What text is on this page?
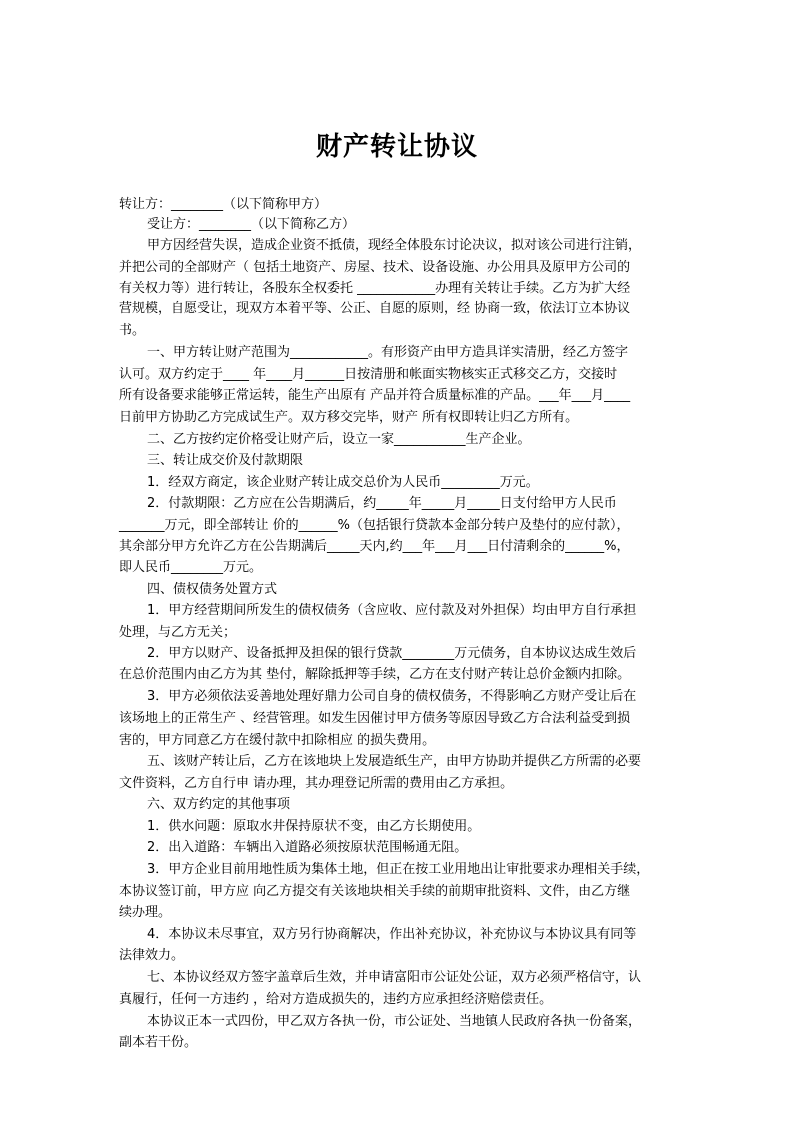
财产转让协议
转让方：________（以下简称甲方）
受让方：________（以下简称乙方）
甲方因经营失误，造成企业资不抵债，现经全体股东讨论决议，拟对该公司进行注销，
并把公司的全部财产（ 包括土地资产、房屋、技术、设备设施、办公用具及原甲方公司的
有关权力等）进行转让，各股东全权委托 ____________办理有关转让手续。乙方为扩大经
营规模，自愿受让，现双方本着平等、公正、自愿的原则，经 协商一致，依法订立本协议
书。
一、甲方转让财产范围为____________。有形资产由甲方造具详实清册，经乙方签字
认可。双方约定于____ 年____月______日按清册和帐面实物核实正式移交乙方，交接时
所有设备要求能够正常运转，能生产出原有 产品并符合质量标准的产品。___年___月____
日前甲方协助乙方完成试生产。双方移交完毕，财产 所有权即转让归乙方所有。
二、乙方按约定价格受让财产后，设立一家___________生产企业。
三、转让成交价及付款期限
1．经双方商定，该企业财产转让成交总价为人民币_________万元。
2．付款期限：乙方应在公告期满后，约_____年_____月_____日支付给甲方人民币
_______万元，即全部转让 价的______%（包括银行贷款本金部分转户及垫付的应付款），
其余部分甲方允许乙方在公告期满后_____天内,约___年___月___日付清剩余的______%，
即人民币________万元。
四、债权债务处置方式
1．甲方经营期间所发生的债权债务（含应收、应付款及对外担保）均由甲方自行承担
处理，与乙方无关；
2．甲方以财产、设备抵押及担保的银行贷款________万元债务，自本协议达成生效后
在总价范围内由乙方为其 垫付，解除抵押等手续，乙方在支付财产转让总价金额内扣除。
3．甲方必须依法妥善地处理好鼎力公司自身的债权债务，不得影响乙方财产受让后在
该场地上的正常生产 、经营管理。如发生因催讨甲方债务等原因导致乙方合法利益受到损
害的，甲方同意乙方在缓付款中扣除相应 的损失费用。
五、该财产转让后，乙方在该地块上发展造纸生产，由甲方协助并提供乙方所需的必要
文件资料，乙方自行申 请办理，其办理登记所需的费用由乙方承担。
六、双方约定的其他事项
1．供水问题：原取水井保持原状不变，由乙方长期使用。
2．出入道路：车辆出入道路必须按原状范围畅通无阻。
3．甲方企业目前用地性质为集体土地，但正在按工业用地出让审批要求办理相关手续，
本协议签订前，甲方应 向乙方提交有关该地块相关手续的前期审批资料、文件，由乙方继
续办理。
4．本协议未尽事宜，双方另行协商解决，作出补充协议，补充协议与本协议具有同等
法律效力。
七、本协议经双方签字盖章后生效，并申请富阳市公证处公证，双方必须严格信守，认
真履行，任何一方违约 ，给对方造成损失的，违约方应承担经济赔偿责任。
本协议正本一式四份，甲乙双方各执一份，市公证处、当地镇人民政府各执一份备案，
副本若干份。
